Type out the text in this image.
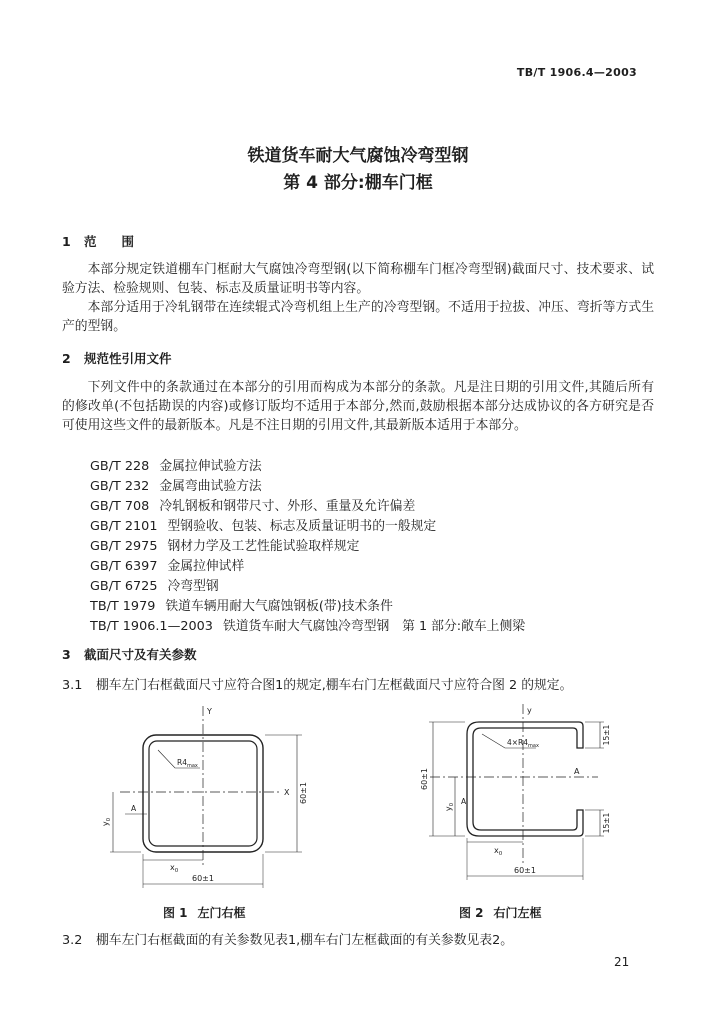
TB/T 1906.4—2003
铁道货车耐大气腐蚀冷弯型钢
第 4 部分:棚车门框
1 范　　围

本部分规定铁道棚车门框耐大气腐蚀冷弯型钢(以下简称棚车门框冷弯型钢)截面尺寸、技术要求、试验方法、检验规则、包装、标志及质量证明书等内容。

本部分适用于冷轧钢带在连续辊式冷弯机组上生产的冷弯型钢。不适用于拉拔、冲压、弯折等方式生产的型钢。

2 规范性引用文件

下列文件中的条款通过在本部分的引用而构成为本部分的条款。凡是注日期的引用文件,其随后所有的修改单(不包括勘误的内容)或修订版均不适用于本部分,然而,鼓励根据本部分达成协议的各方研究是否可使用这些文件的最新版本。凡是不注日期的引用文件,其最新版本适用于本部分。

GB/T 228 金属拉伸试验方法
GB/T 232 金属弯曲试验方法
GB/T 708 冷轧钢板和钢带尺寸、外形、重量及允许偏差
GB/T 2101 型钢验收、包装、标志及质量证明书的一般规定
GB/T 2975 钢材力学及工艺性能试验取样规定
GB/T 6397 金属拉伸试样
GB/T 6725 冷弯型钢
TB/T 1979 铁道车辆用耐大气腐蚀钢板(带)技术条件
TB/T 1906.1—2003 铁道货车耐大气腐蚀冷弯型钢　第 1 部分:敞车上侧梁
3 截面尺寸及有关参数
3.1 棚车左门右框截面尺寸应符合图1的规定,棚车右门左框截面尺寸应符合图 2 的规定。
Y
X
$R4_{max}$
60±1
$y_0$
A
$x_0$
60±1
y
A
$4\times R4_{max}$
60±1
$y_0$ A
15±1
15±1
$x_0$
60±1
图 1 左门右框	图 2 右门左框
3.2 棚车左门右框截面的有关参数见表1,棚车右门左框截面的有关参数见表2。
21
